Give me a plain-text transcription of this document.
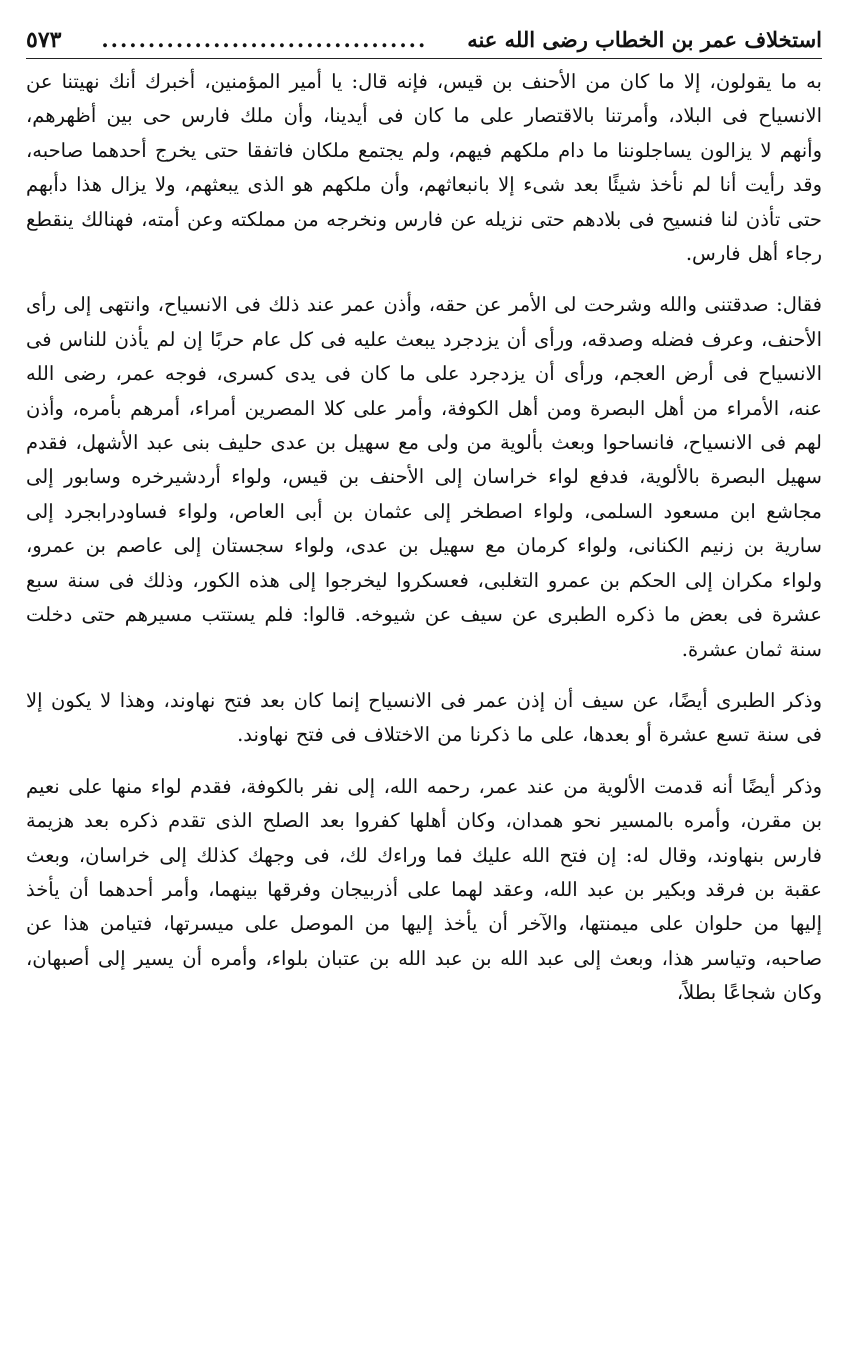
استخلاف عمر بن الخطاب رضى الله عنه
...................................
٥٧٣

به ما يقولون، إلا ما كان من الأحنف بن قيس، فإنه قال: يا أمير المؤمنين، أخبرك أنك نهيتنا عن الانسياح فى البلاد، وأمرتنا بالاقتصار على ما كان فى أيدينا، وأن ملك فارس حى بين أظهرهم، وأنهم لا يزالون يساجلوننا ما دام ملكهم فيهم، ولم يجتمع ملكان فاتفقا حتى يخرج أحدهما صاحبه، وقد رأيت أنا لم نأخذ شيئًا بعد شىء إلا بانبعاثهم، وأن ملكهم هو الذى يبعثهم، ولا يزال هذا دأبهم حتى تأذن لنا فنسيح فى بلادهم حتى نزيله عن فارس ونخرجه من مملكته وعن أمته، فهنالك ينقطع رجاء أهل فارس.

فقال: صدقتنى والله وشرحت لى الأمر عن حقه، وأذن عمر عند ذلك فى الانسياح، وانتهى إلى رأى الأحنف، وعرف فضله وصدقه، ورأى أن يزدجرد يبعث عليه فى كل عام حربًا إن لم يأذن للناس فى الانسياح فى أرض العجم، ورأى أن يزدجرد على ما كان فى يدى كسرى، فوجه عمر، رضى الله عنه، الأمراء من أهل البصرة ومن أهل الكوفة، وأمر على كلا المصرين أمراء، أمرهم بأمره، وأذن لهم فى الانسياح، فانساحوا وبعث بألوية من ولى مع سهيل بن عدى حليف بنى عبد الأشهل، فقدم سهيل البصرة بالألوية، فدفع لواء خراسان إلى الأحنف بن قيس، ولواء أردشيرخره وسابور إلى مجاشع ابن مسعود السلمى، ولواء اصطخر إلى عثمان بن أبى العاص، ولواء فساودرابجرد إلى سارية بن زنيم الكنانى، ولواء كرمان مع سهيل بن عدى، ولواء سجستان إلى عاصم بن عمرو، ولواء مكران إلى الحكم بن عمرو التغلبى، فعسكروا ليخرجوا إلى هذه الكور، وذلك فى سنة سبع عشرة فى بعض ما ذكره الطبرى عن سيف عن شيوخه. قالوا: فلم يستتب مسيرهم حتى دخلت سنة ثمان عشرة.

وذكر الطبرى أيضًا، عن سيف أن إذن عمر فى الانسياح إنما كان بعد فتح نهاوند، وهذا لا يكون إلا فى سنة تسع عشرة أو بعدها، على ما ذكرنا من الاختلاف فى فتح نهاوند.

وذكر أيضًا أنه قدمت الألوية من عند عمر، رحمه الله، إلى نفر بالكوفة، فقدم لواء منها على نعيم بن مقرن، وأمره بالمسير نحو همدان، وكان أهلها كفروا بعد الصلح الذى تقدم ذكره بعد هزيمة فارس بنهاوند، وقال له: إن فتح الله عليك فما وراءك لك، فى وجهك كذلك إلى خراسان، وبعث عقبة بن فرقد وبكير بن عبد الله، وعقد لهما على أذربيجان وفرقها بينهما، وأمر أحدهما أن يأخذ إليها من حلوان على ميمنتها، والآخر أن يأخذ إليها من الموصل على ميسرتها، فتيامن هذا عن صاحبه، وتياسر هذا، وبعث إلى عبد الله بن عبد الله بن عتبان بلواء، وأمره أن يسير إلى أصبهان، وكان شجاعًا بطلاً،
